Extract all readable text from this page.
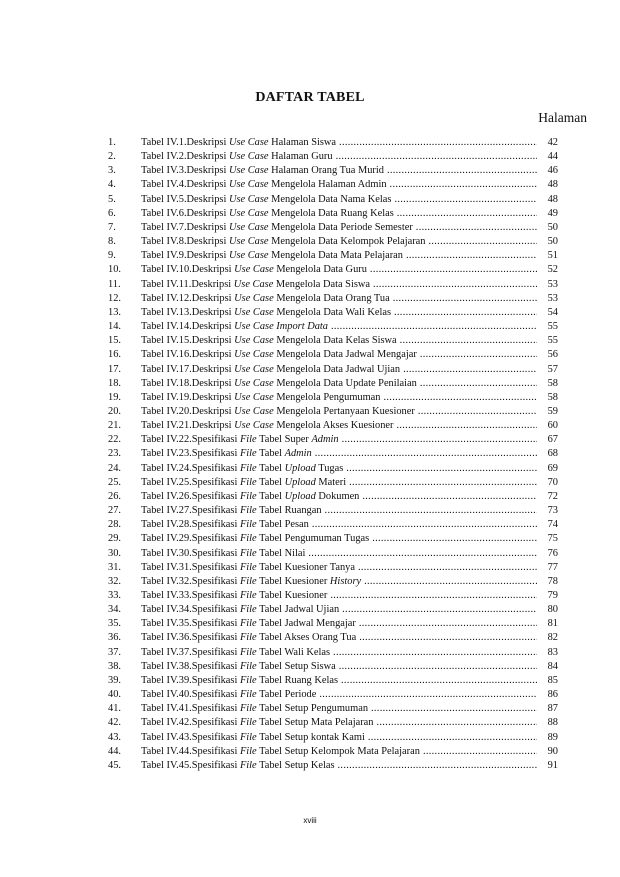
DAFTAR TABEL
Halaman
1.	Tabel IV.1.Deskripsi Use Case Halaman Siswa .....	42
2.	Tabel IV.2.Deskripsi Use Case Halaman Guru .....	44
3.	Tabel IV.3.Deskripsi Use Case Halaman Orang Tua Murid .....	46
4.	Tabel IV.4.Deskripsi Use Case Mengelola Halaman Admin .....	48
5.	Tabel IV.5.Deskripsi Use Case Mengelola Data Nama Kelas .....	48
6.	Tabel IV.6.Deskripsi Use Case Mengelola Data Ruang Kelas .....	49
7.	Tabel IV.7.Deskripsi Use Case Mengelola Data Periode Semester .....	50
8.	Tabel IV.8.Deskripsi Use Case Mengelola Data Kelompok Pelajaran .....	50
9.	Tabel IV.9.Deskripsi Use Case Mengelola Data Mata Pelajaran .....	51
10.	Tabel IV.10.Deskripsi Use Case Mengelola Data Guru .....	52
11.	Tabel IV.11.Deskripsi Use Case Mengelola Data Siswa .....	53
12.	Tabel IV.12.Deskripsi Use Case Mengelola Data Orang Tua .....	53
13.	Tabel IV.13.Deskripsi Use Case Mengelola Data Wali Kelas .....	54
14.	Tabel IV.14.Deskripsi Use Case Import Data .....	55
15.	Tabel IV.15.Deskripsi Use Case Mengelola Data Kelas Siswa .....	55
16.	Tabel IV.16.Deskripsi Use Case Mengelola Data Jadwal Mengajar .....	56
17.	Tabel IV.17.Deskripsi Use Case Mengelola Data Jadwal Ujian .....	57
18.	Tabel IV.18.Deskripsi Use Case Mengelola Data Update Penilaian .....	58
19.	Tabel IV.19.Deskripsi Use Case Mengelola Pengumuman .....	58
20.	Tabel IV.20.Deskripsi Use Case Mengelola Pertanyaan Kuesioner .....	59
21.	Tabel IV.21.Deskripsi Use Case Mengelola Akses Kuesioner .....	60
22.	Tabel IV.22.Spesifikasi File Tabel Super Admin .....	67
23.	Tabel IV.23.Spesifikasi File Tabel Admin .....	68
24.	Tabel IV.24.Spesifikasi File Tabel Upload Tugas .....	69
25.	Tabel IV.25.Spesifikasi File Tabel Upload Materi .....	70
26.	Tabel IV.26.Spesifikasi File Tabel Upload Dokumen .....	72
27.	Tabel IV.27.Spesifikasi File Tabel Ruangan .....	73
28.	Tabel IV.28.Spesifikasi File Tabel Pesan .....	74
29.	Tabel IV.29.Spesifikasi File Tabel Pengumuman Tugas .....	75
30.	Tabel IV.30.Spesifikasi File Tabel Nilai .....	76
31.	Tabel IV.31.Spesifikasi File Tabel Kuesioner Tanya .....	77
32.	Tabel IV.32.Spesifikasi File Tabel Kuesioner History .....	78
33.	Tabel IV.33.Spesifikasi File Tabel Kuesioner .....	79
34.	Tabel IV.34.Spesifikasi File Tabel Jadwal Ujian .....	80
35.	Tabel IV.35.Spesifikasi File Tabel Jadwal Mengajar .....	81
36.	Tabel IV.36.Spesifikasi File Tabel Akses Orang Tua .....	82
37.	Tabel IV.37.Spesifikasi File Tabel Wali Kelas .....	83
38.	Tabel IV.38.Spesifikasi File Tabel Setup Siswa .....	84
39.	Tabel IV.39.Spesifikasi File Tabel Ruang Kelas .....	85
40.	Tabel IV.40.Spesifikasi File Tabel Periode .....	86
41.	Tabel IV.41.Spesifikasi File Tabel Setup Pengumuman .....	87
42.	Tabel IV.42.Spesifikasi File Tabel Setup Mata Pelajaran .....	88
43.	Tabel IV.43.Spesifikasi File Tabel Setup kontak Kami .....	89
44.	Tabel IV.44.Spesifikasi File Tabel Setup Kelompok Mata Pelajaran .....	90
45.	Tabel IV.45.Spesifikasi File Tabel Setup Kelas .....	91
xviii
